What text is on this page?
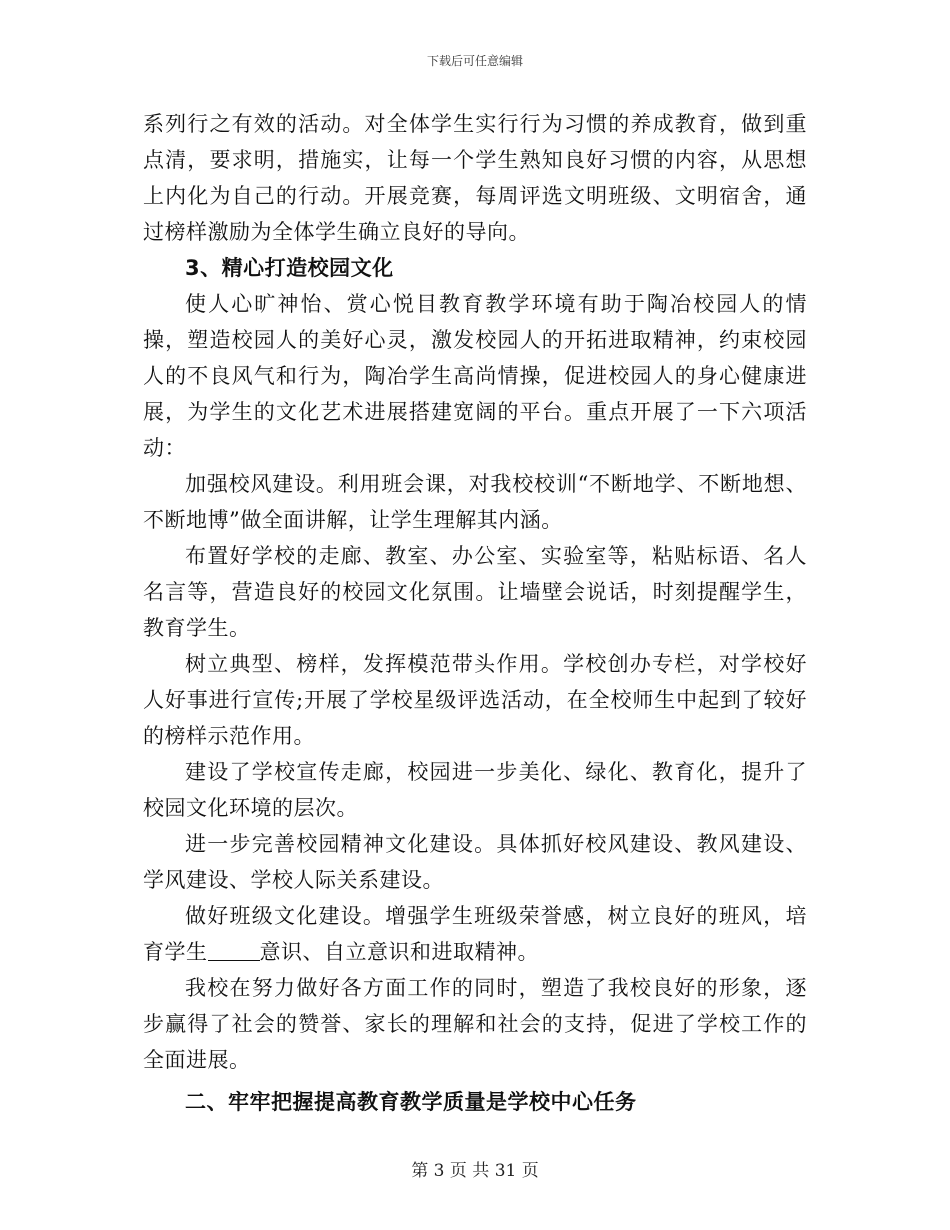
下载后可任意编辑

系列行之有效的活动。对全体学生实行行为习惯的养成教育，做到重点清，要求明，措施实，让每一个学生熟知良好习惯的内容，从思想上内化为自己的行动。开展竞赛，每周评选文明班级、文明宿舍，通过榜样激励为全体学生确立良好的导向。

3、精心打造校园文化

使人心旷神怡、赏心悦目教育教学环境有助于陶冶校园人的情操，塑造校园人的美好心灵，激发校园人的开拓进取精神，约束校园人的不良风气和行为，陶冶学生高尚情操，促进校园人的身心健康进展，为学生的文化艺术进展搭建宽阔的平台。重点开展了一下六项活动：

加强校风建设。利用班会课，对我校校训“不断地学、不断地想、不断地博”做全面讲解，让学生理解其内涵。

布置好学校的走廊、教室、办公室、实验室等，粘贴标语、名人名言等，营造良好的校园文化氛围。让墙壁会说话，时刻提醒学生，教育学生。

树立典型、榜样，发挥模范带头作用。学校创办专栏，对学校好人好事进行宣传;开展了学校星级评选活动，在全校师生中起到了较好的榜样示范作用。

建设了学校宣传走廊，校园进一步美化、绿化、教育化，提升了校园文化环境的层次。

进一步完善校园精神文化建设。具体抓好校风建设、教风建设、学风建设、学校人际关系建设。

做好班级文化建设。增强学生班级荣誉感，树立良好的班风，培育学生 意识、自立意识和进取精神。

我校在努力做好各方面工作的同时，塑造了我校良好的形象，逐步赢得了社会的赞誉、家长的理解和社会的支持，促进了学校工作的全面进展。

二、牢牢把握提高教育教学质量是学校中心任务

第 3 页 共 31 页
